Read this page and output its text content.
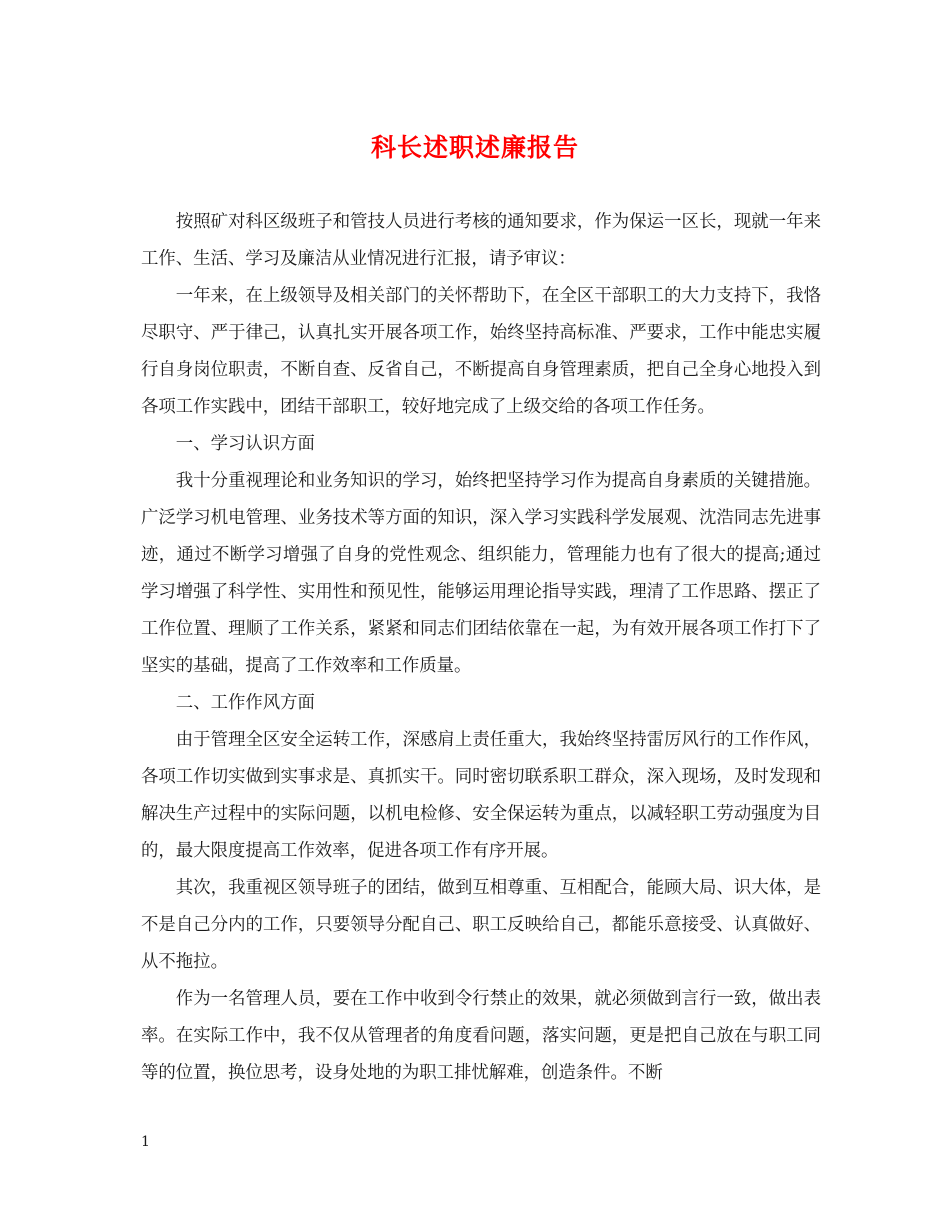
科长述职述廉报告

按照矿对科区级班子和管技人员进行考核的通知要求，作为保运一区长，现就一年来工作、生活、学习及廉洁从业情况进行汇报，请予审议：

一年来，在上级领导及相关部门的关怀帮助下，在全区干部职工的大力支持下，我恪尽职守、严于律己，认真扎实开展各项工作，始终坚持高标准、严要求，工作中能忠实履行自身岗位职责，不断自查、反省自己，不断提高自身管理素质，把自己全身心地投入到各项工作实践中，团结干部职工，较好地完成了上级交给的各项工作任务。

一、学习认识方面

我十分重视理论和业务知识的学习，始终把坚持学习作为提高自身素质的关键措施。广泛学习机电管理、业务技术等方面的知识，深入学习实践科学发展观、沈浩同志先进事迹，通过不断学习增强了自身的党性观念、组织能力，管理能力也有了很大的提高;通过学习增强了科学性、实用性和预见性，能够运用理论指导实践，理清了工作思路、摆正了工作位置、理顺了工作关系，紧紧和同志们团结依靠在一起，为有效开展各项工作打下了坚实的基础，提高了工作效率和工作质量。

二、工作作风方面

由于管理全区安全运转工作，深感肩上责任重大，我始终坚持雷厉风行的工作作风，各项工作切实做到实事求是、真抓实干。同时密切联系职工群众，深入现场，及时发现和解决生产过程中的实际问题，以机电检修、安全保运转为重点，以减轻职工劳动强度为目的，最大限度提高工作效率，促进各项工作有序开展。

其次，我重视区领导班子的团结，做到互相尊重、互相配合，能顾大局、识大体，是不是自己分内的工作，只要领导分配自己、职工反映给自己，都能乐意接受、认真做好、从不拖拉。

作为一名管理人员，要在工作中收到令行禁止的效果，就必须做到言行一致，做出表率。在实际工作中，我不仅从管理者的角度看问题，落实问题，更是把自己放在与职工同等的位置，换位思考，设身处地的为职工排忧解难，创造条件。不断

1
